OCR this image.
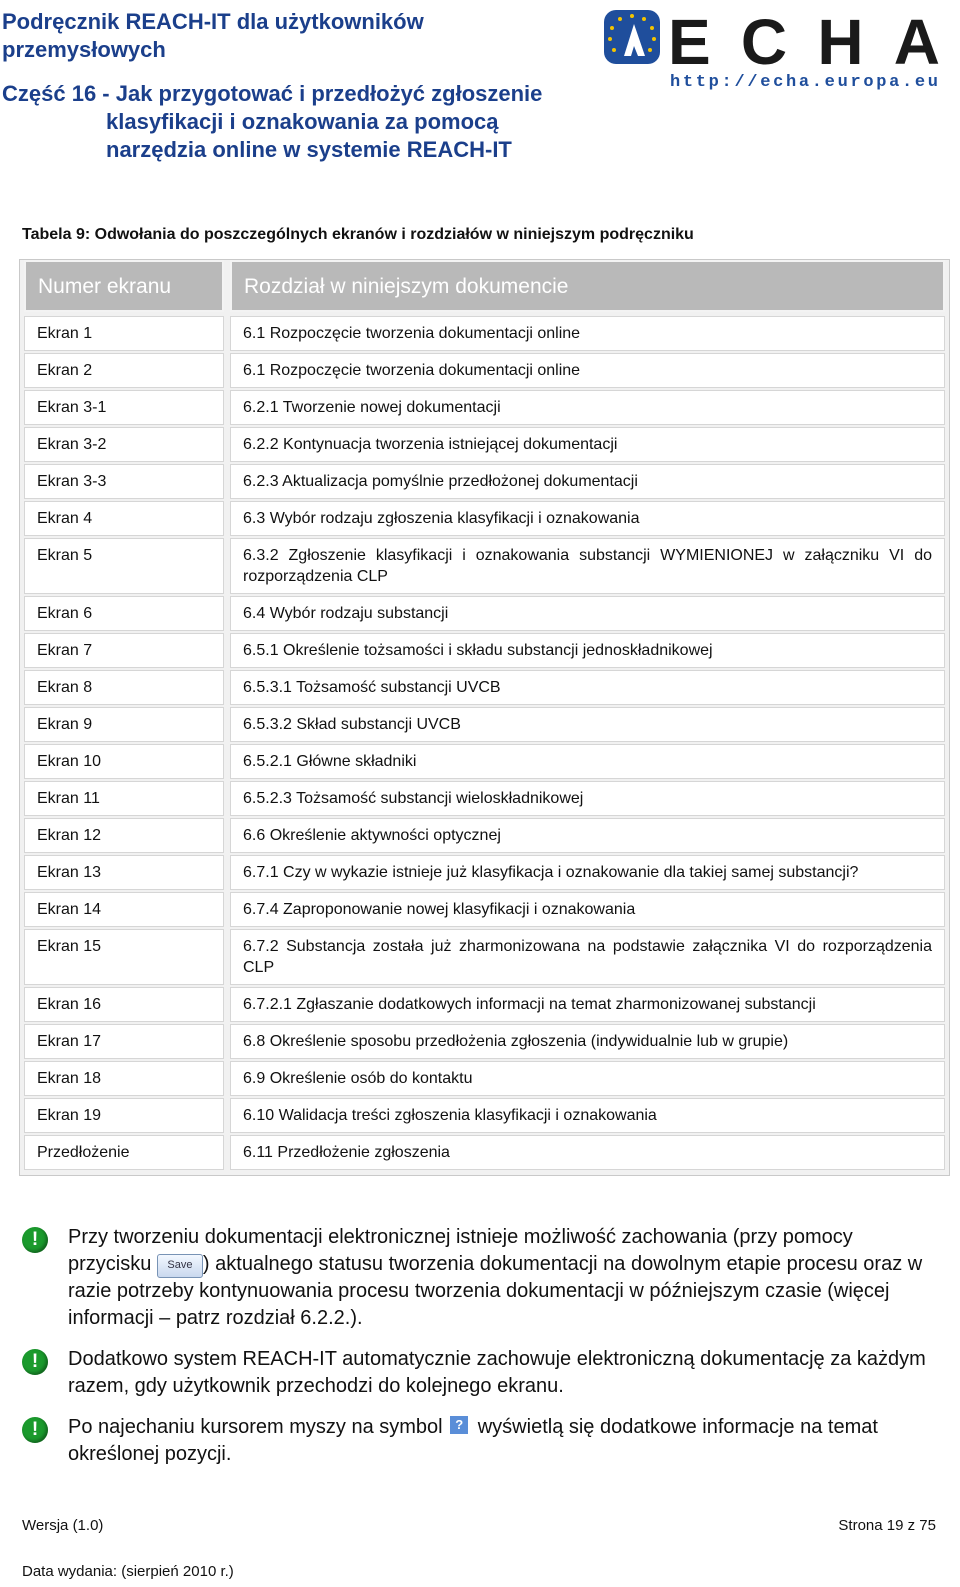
Podręcznik REACH-IT dla użytkowników przemysłowych
Część 16 - Jak przygotować i przedłożyć zgłoszenie klasyfikacji i oznakowania za pomocą narzędzia online w systemie REACH-IT
ECHA
http://echa.europa.eu
Tabela 9: Odwołania do poszczególnych ekranów i rozdziałów w niniejszym podręczniku
Numer ekranu	Rozdział w niniejszym dokumencie
Ekran 1	6.1 Rozpoczęcie tworzenia dokumentacji online
Ekran 2	6.1 Rozpoczęcie tworzenia dokumentacji online
Ekran 3-1	6.2.1 Tworzenie nowej dokumentacji
Ekran 3-2	6.2.2 Kontynuacja tworzenia istniejącej dokumentacji
Ekran 3-3	6.2.3 Aktualizacja pomyślnie przedłożonej dokumentacji
Ekran 4	6.3 Wybór rodzaju zgłoszenia klasyfikacji i oznakowania
Ekran 5	6.3.2 Zgłoszenie klasyfikacji i oznakowania substancji WYMIENIONEJ w załączniku VI do rozporządzenia CLP
Ekran 6	6.4 Wybór rodzaju substancji
Ekran 7	6.5.1 Określenie tożsamości i składu substancji jednoskładnikowej
Ekran 8	6.5.3.1 Tożsamość substancji UVCB
Ekran 9	6.5.3.2 Skład substancji UVCB
Ekran 10	6.5.2.1 Główne składniki
Ekran 11	6.5.2.3 Tożsamość substancji wieloskładnikowej
Ekran 12	6.6 Określenie aktywności optycznej
Ekran 13	6.7.1 Czy w wykazie istnieje już klasyfikacja i oznakowanie dla takiej samej substancji?
Ekran 14	6.7.4 Zaproponowanie nowej klasyfikacji i oznakowania
Ekran 15	6.7.2 Substancja została już zharmonizowana na podstawie załącznika VI do rozporządzenia CLP
Ekran 16	6.7.2.1 Zgłaszanie dodatkowych informacji na temat zharmonizowanej substancji
Ekran 17	6.8 Określenie sposobu przedłożenia zgłoszenia (indywidualnie lub w grupie)
Ekran 18	6.9 Określenie osób do kontaktu
Ekran 19	6.10 Walidacja treści zgłoszenia klasyfikacji i oznakowania
Przedłożenie	6.11 Przedłożenie zgłoszenia
!	Przy tworzeniu dokumentacji elektronicznej istnieje możliwość zachowania (przy pomocy przycisku Save ) aktualnego statusu tworzenia dokumentacji na dowolnym etapie procesu oraz w razie potrzeby kontynuowania procesu tworzenia dokumentacji w późniejszym czasie (więcej informacji – patrz rozdział 6.2.2.).
!	Dodatkowo system REACH-IT automatycznie zachowuje elektroniczną dokumentację za każdym razem, gdy użytkownik przechodzi do kolejnego ekranu.
!	Po najechaniu kursorem myszy na symbol ? wyświetlą się dodatkowe informacje na temat określonej pozycji.
Wersja (1.0)
Data wydania: (sierpień 2010 r.)
Strona 19 z 75
